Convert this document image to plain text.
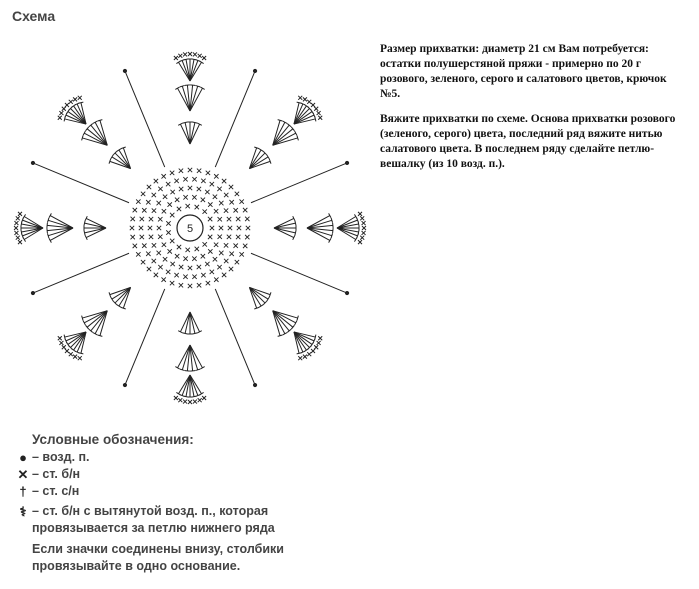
Схема
5

Размер прихватки: диаметр 21 см Вам потребуется: остатки полушерстяной пряжи - примерно по 20 г розового, зеленого, серого и салатового цветов, крючок №5.

Вяжите прихватки по схеме. Основа прихватки розового (зеленого, серого) цвета, последний ряд вяжите нитью салатового цвета. В последнем ряду сделайте петлю-вешалку (из 10 возд. п.).

Условные обозначения:
● – возд. п.
✕ – ст. б/н
† – ст. с/н
⚕ – ст. б/н с вытянутой возд. п., которая провязывается за петлю нижнего ряда
Если значки соединены внизу, столбики провязывайте в одно основание.
